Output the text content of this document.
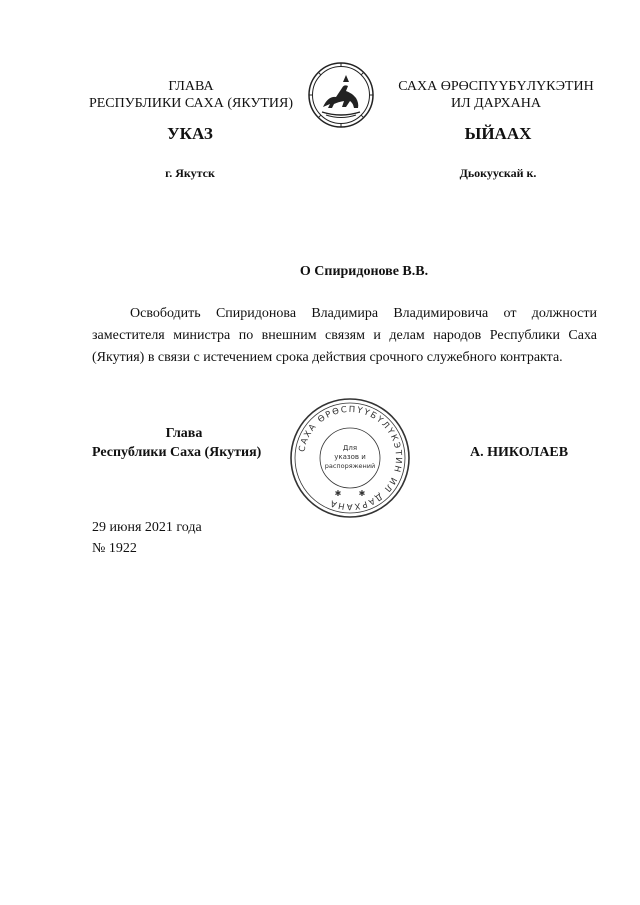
ГЛАВА
РЕСПУБЛИКИ САХА (ЯКУТИЯ)
САХА ӨРӨСПҮҮБҮЛҮКЭТИН
ИЛ ДАРХАНА
УКАЗ	ЫЙААХ
г. Якутск	Дьокуускай к.
О Спиридонове В.В.
Освободить Спиридонова Владимира Владимировича от должности заместителя министра по внешним связям и делам народов Республики Саха (Якутия) в связи с истечением срока действия срочного служебного контракта.
Глава
Республики Саха (Якутия)	САХА ӨРӨСПҮҮБҮЛҮКЭТИН ИЛ ДАРХАНА
Для
указов и
распоряжений
✱ ✱
А. НИКОЛАЕВ
29 июня 2021 года
№ 1922
